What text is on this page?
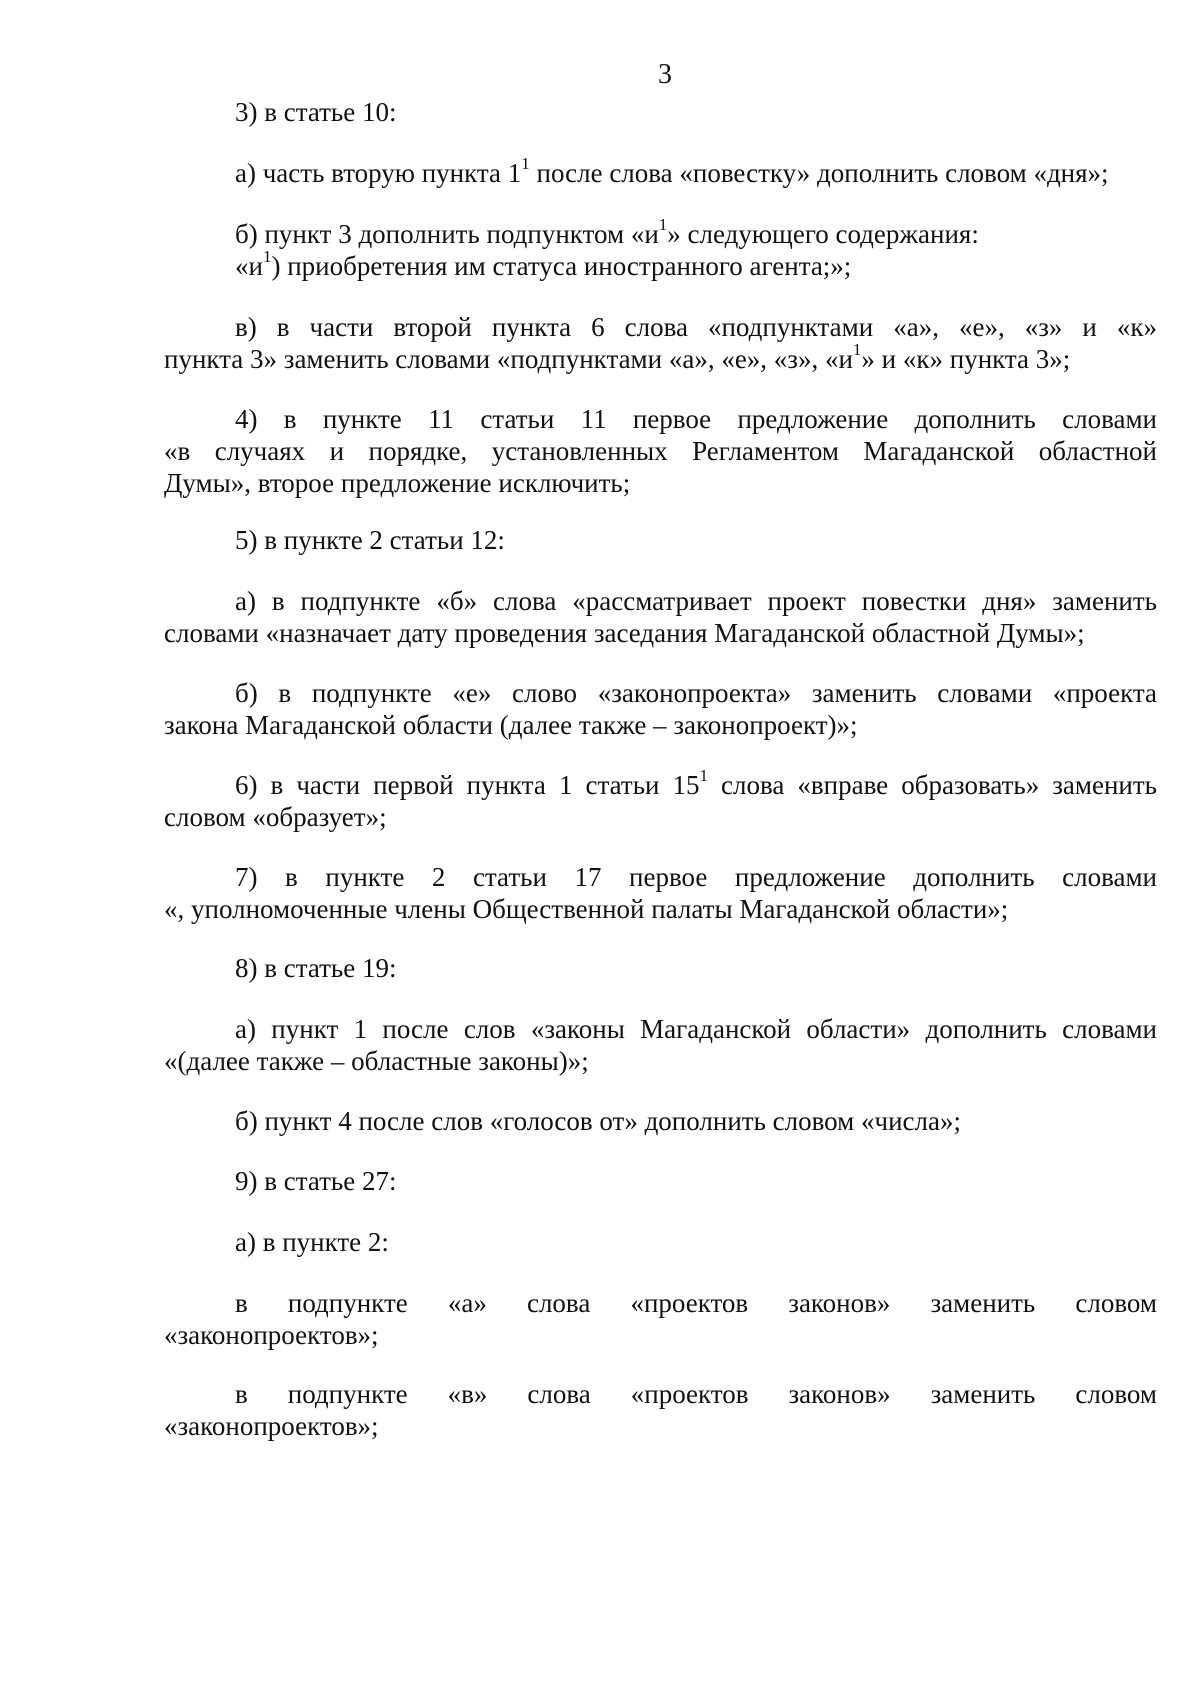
3
3) в статье 10:
а) часть вторую пункта $1^1$ после слова «повестку» дополнить словом «дня»;
б) пункт 3 дополнить подпунктом «$и^1$» следующего содержания:
«$и^1$) приобретения им статуса иностранного агента;»;
в) в части второй пункта 6 слова «подпунктами «а», «е», «з» и «к»
пункта 3» заменить словами «подпунктами «а», «е», «з», «$и^1$» и «к» пункта 3»;
4) в пункте 11 статьи 11 первое предложение дополнить словами
«в случаях и порядке, установленных Регламентом Магаданской областной
Думы», второе предложение исключить;
5) в пункте 2 статьи 12:
а) в подпункте «б» слова «рассматривает проект повестки дня» заменить
словами «назначает дату проведения заседания Магаданской областной Думы»;
б) в подпункте «е» слово «законопроекта» заменить словами «проекта
закона Магаданской области (далее также – законопроект)»;
6) в части первой пункта 1 статьи $15^1$ слова «вправе образовать» заменить
словом «образует»;
7) в пункте 2 статьи 17 первое предложение дополнить словами
«, уполномоченные члены Общественной палаты Магаданской области»;
8) в статье 19:
а) пункт 1 после слов «законы Магаданской области» дополнить словами
«(далее также – областные законы)»;
б) пункт 4 после слов «голосов от» дополнить словом «числа»;
9) в статье 27:
а) в пункте 2:
в подпункте «а» слова «проектов законов» заменить словом
«законопроектов»;
в подпункте «в» слова «проектов законов» заменить словом
«законопроектов»;
